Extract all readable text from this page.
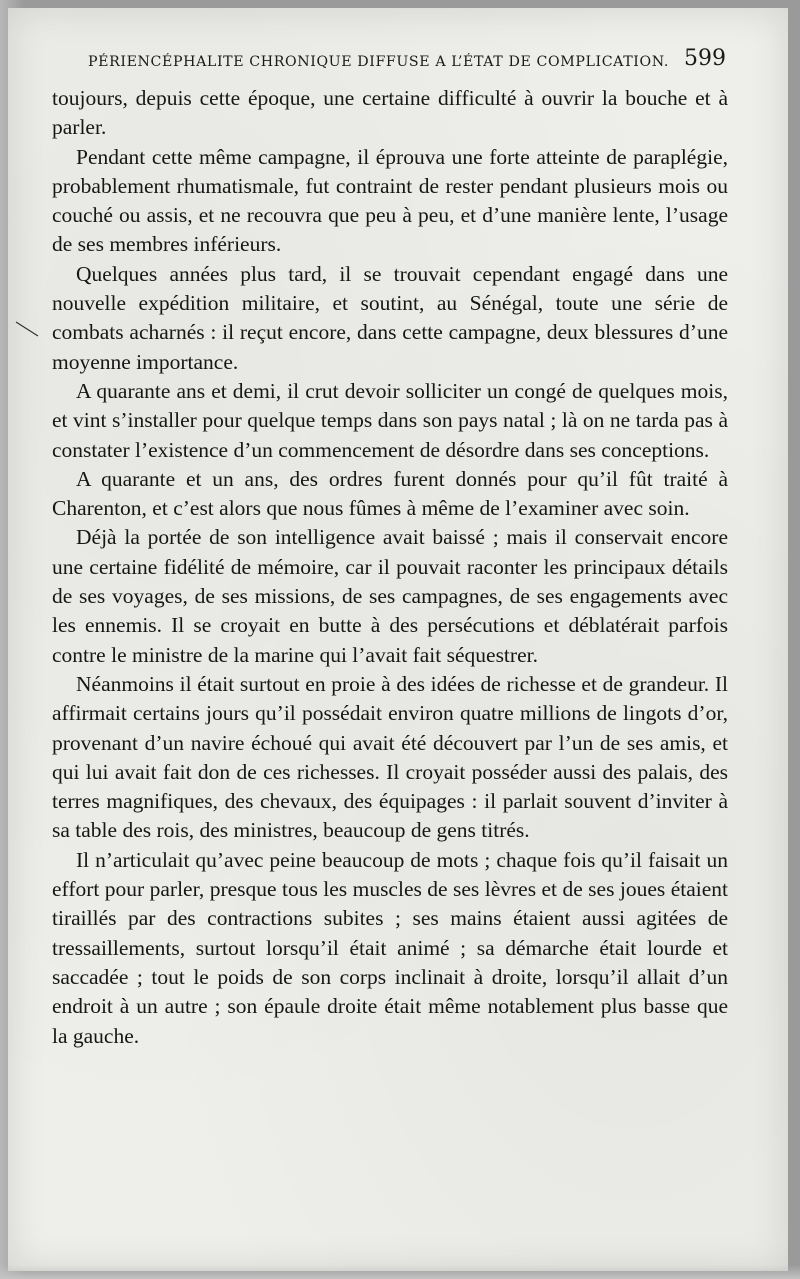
PÉRIENCÉPHALITE CHRONIQUE DIFFUSE A L’ÉTAT DE COMPLICATION. 599

toujours, depuis cette époque, une certaine difficulté à ouvrir la bouche et à parler.

Pendant cette même campagne, il éprouva une forte atteinte de paraplégie, probablement rhumatismale, fut contraint de rester pendant plusieurs mois ou couché ou assis, et ne recouvra que peu à peu, et d’une manière lente, l’usage de ses membres inférieurs.

Quelques années plus tard, il se trouvait cependant engagé dans une nouvelle expédition militaire, et soutint, au Sénégal, toute une série de combats acharnés : il reçut encore, dans cette campagne, deux blessures d’une moyenne importance.

A quarante ans et demi, il crut devoir solliciter un congé de quelques mois, et vint s’installer pour quelque temps dans son pays natal ; là on ne tarda pas à constater l’existence d’un commencement de désordre dans ses conceptions.

A quarante et un ans, des ordres furent donnés pour qu’il fût traité à Charenton, et c’est alors que nous fûmes à même de l’examiner avec soin.

Déjà la portée de son intelligence avait baissé ; mais il conservait encore une certaine fidélité de mémoire, car il pouvait raconter les principaux détails de ses voyages, de ses missions, de ses campagnes, de ses engagements avec les ennemis. Il se croyait en butte à des persécutions et déblatérait parfois contre le ministre de la marine qui l’avait fait séquestrer.

Néanmoins il était surtout en proie à des idées de richesse et de grandeur. Il affirmait certains jours qu’il possédait environ quatre millions de lingots d’or, provenant d’un navire échoué qui avait été découvert par l’un de ses amis, et qui lui avait fait don de ces richesses. Il croyait posséder aussi des palais, des terres magnifiques, des chevaux, des équipages : il parlait souvent d’inviter à sa table des rois, des ministres, beaucoup de gens titrés.

Il n’articulait qu’avec peine beaucoup de mots ; chaque fois qu’il faisait un effort pour parler, presque tous les muscles de ses lèvres et de ses joues étaient tiraillés par des contractions subites ; ses mains étaient aussi agitées de tressaillements, surtout lorsqu’il était animé ; sa démarche était lourde et saccadée ; tout le poids de son corps inclinait à droite, lorsqu’il allait d’un endroit à un autre ; son épaule droite était même notablement plus basse que la gauche.
